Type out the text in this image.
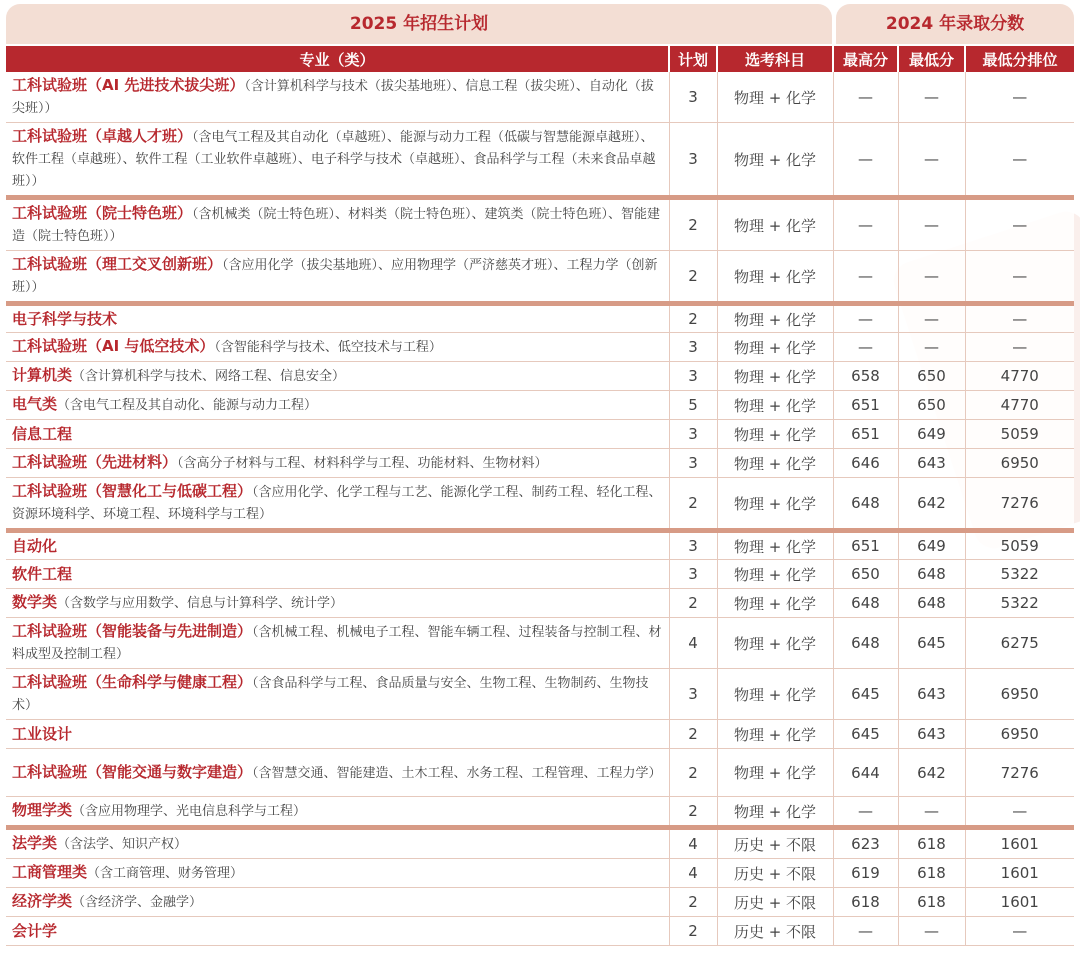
2025 年招生计划	2024 年录取分数
专业（类）	计划	选考科目	最高分	最低分	最低分排位
工科试验班（AI 先进技术拔尖班）（含计算机科学与技术（拔尖基地班）、信息工程（拔尖班）、自动化（拔尖班））	3	物理 + 化学	—	—	—
工科试验班（卓越人才班）（含电气工程及其自动化（卓越班）、能源与动力工程（低碳与智慧能源卓越班）、软件工程（卓越班）、软件工程（工业软件卓越班）、电子科学与技术（卓越班）、食品科学与工程（未来食品卓越班））	3	物理 + 化学	—	—	—
工科试验班（院士特色班）（含机械类（院士特色班）、材料类（院士特色班）、建筑类（院士特色班）、智能建造（院士特色班））	2	物理 + 化学	—	—	—
工科试验班（理工交叉创新班）（含应用化学（拔尖基地班）、应用物理学（严济慈英才班）、工程力学（创新班））	2	物理 + 化学	—	—	—
电子科学与技术	2	物理 + 化学	—	—	—
工科试验班（AI 与低空技术）（含智能科学与技术、低空技术与工程）	3	物理 + 化学	—	—	—
计算机类（含计算机科学与技术、网络工程、信息安全）	3	物理 + 化学	658	650	4770
电气类（含电气工程及其自动化、能源与动力工程）	5	物理 + 化学	651	650	4770
信息工程	3	物理 + 化学	651	649	5059
工科试验班（先进材料）（含高分子材料与工程、材料科学与工程、功能材料、生物材料）	3	物理 + 化学	646	643	6950
工科试验班（智慧化工与低碳工程）（含应用化学、化学工程与工艺、能源化学工程、制药工程、轻化工程、资源环境科学、环境工程、环境科学与工程）	2	物理 + 化学	648	642	7276
自动化	3	物理 + 化学	651	649	5059
软件工程	3	物理 + 化学	650	648	5322
数学类（含数学与应用数学、信息与计算科学、统计学）	2	物理 + 化学	648	648	5322
工科试验班（智能装备与先进制造）（含机械工程、机械电子工程、智能车辆工程、过程装备与控制工程、材料成型及控制工程）	4	物理 + 化学	648	645	6275
工科试验班（生命科学与健康工程）（含食品科学与工程、食品质量与安全、生物工程、生物制药、生物技术）	3	物理 + 化学	645	643	6950
工业设计	2	物理 + 化学	645	643	6950
工科试验班（智能交通与数字建造）（含智慧交通、智能建造、土木工程、水务工程、工程管理、工程力学）	2	物理 + 化学	644	642	7276
物理学类（含应用物理学、光电信息科学与工程）	2	物理 + 化学	—	—	—
法学类（含法学、知识产权）	4	历史 + 不限	623	618	1601
工商管理类（含工商管理、财务管理）	4	历史 + 不限	619	618	1601
经济学类（含经济学、金融学）	2	历史 + 不限	618	618	1601
会计学	2	历史 + 不限	—	—	—
